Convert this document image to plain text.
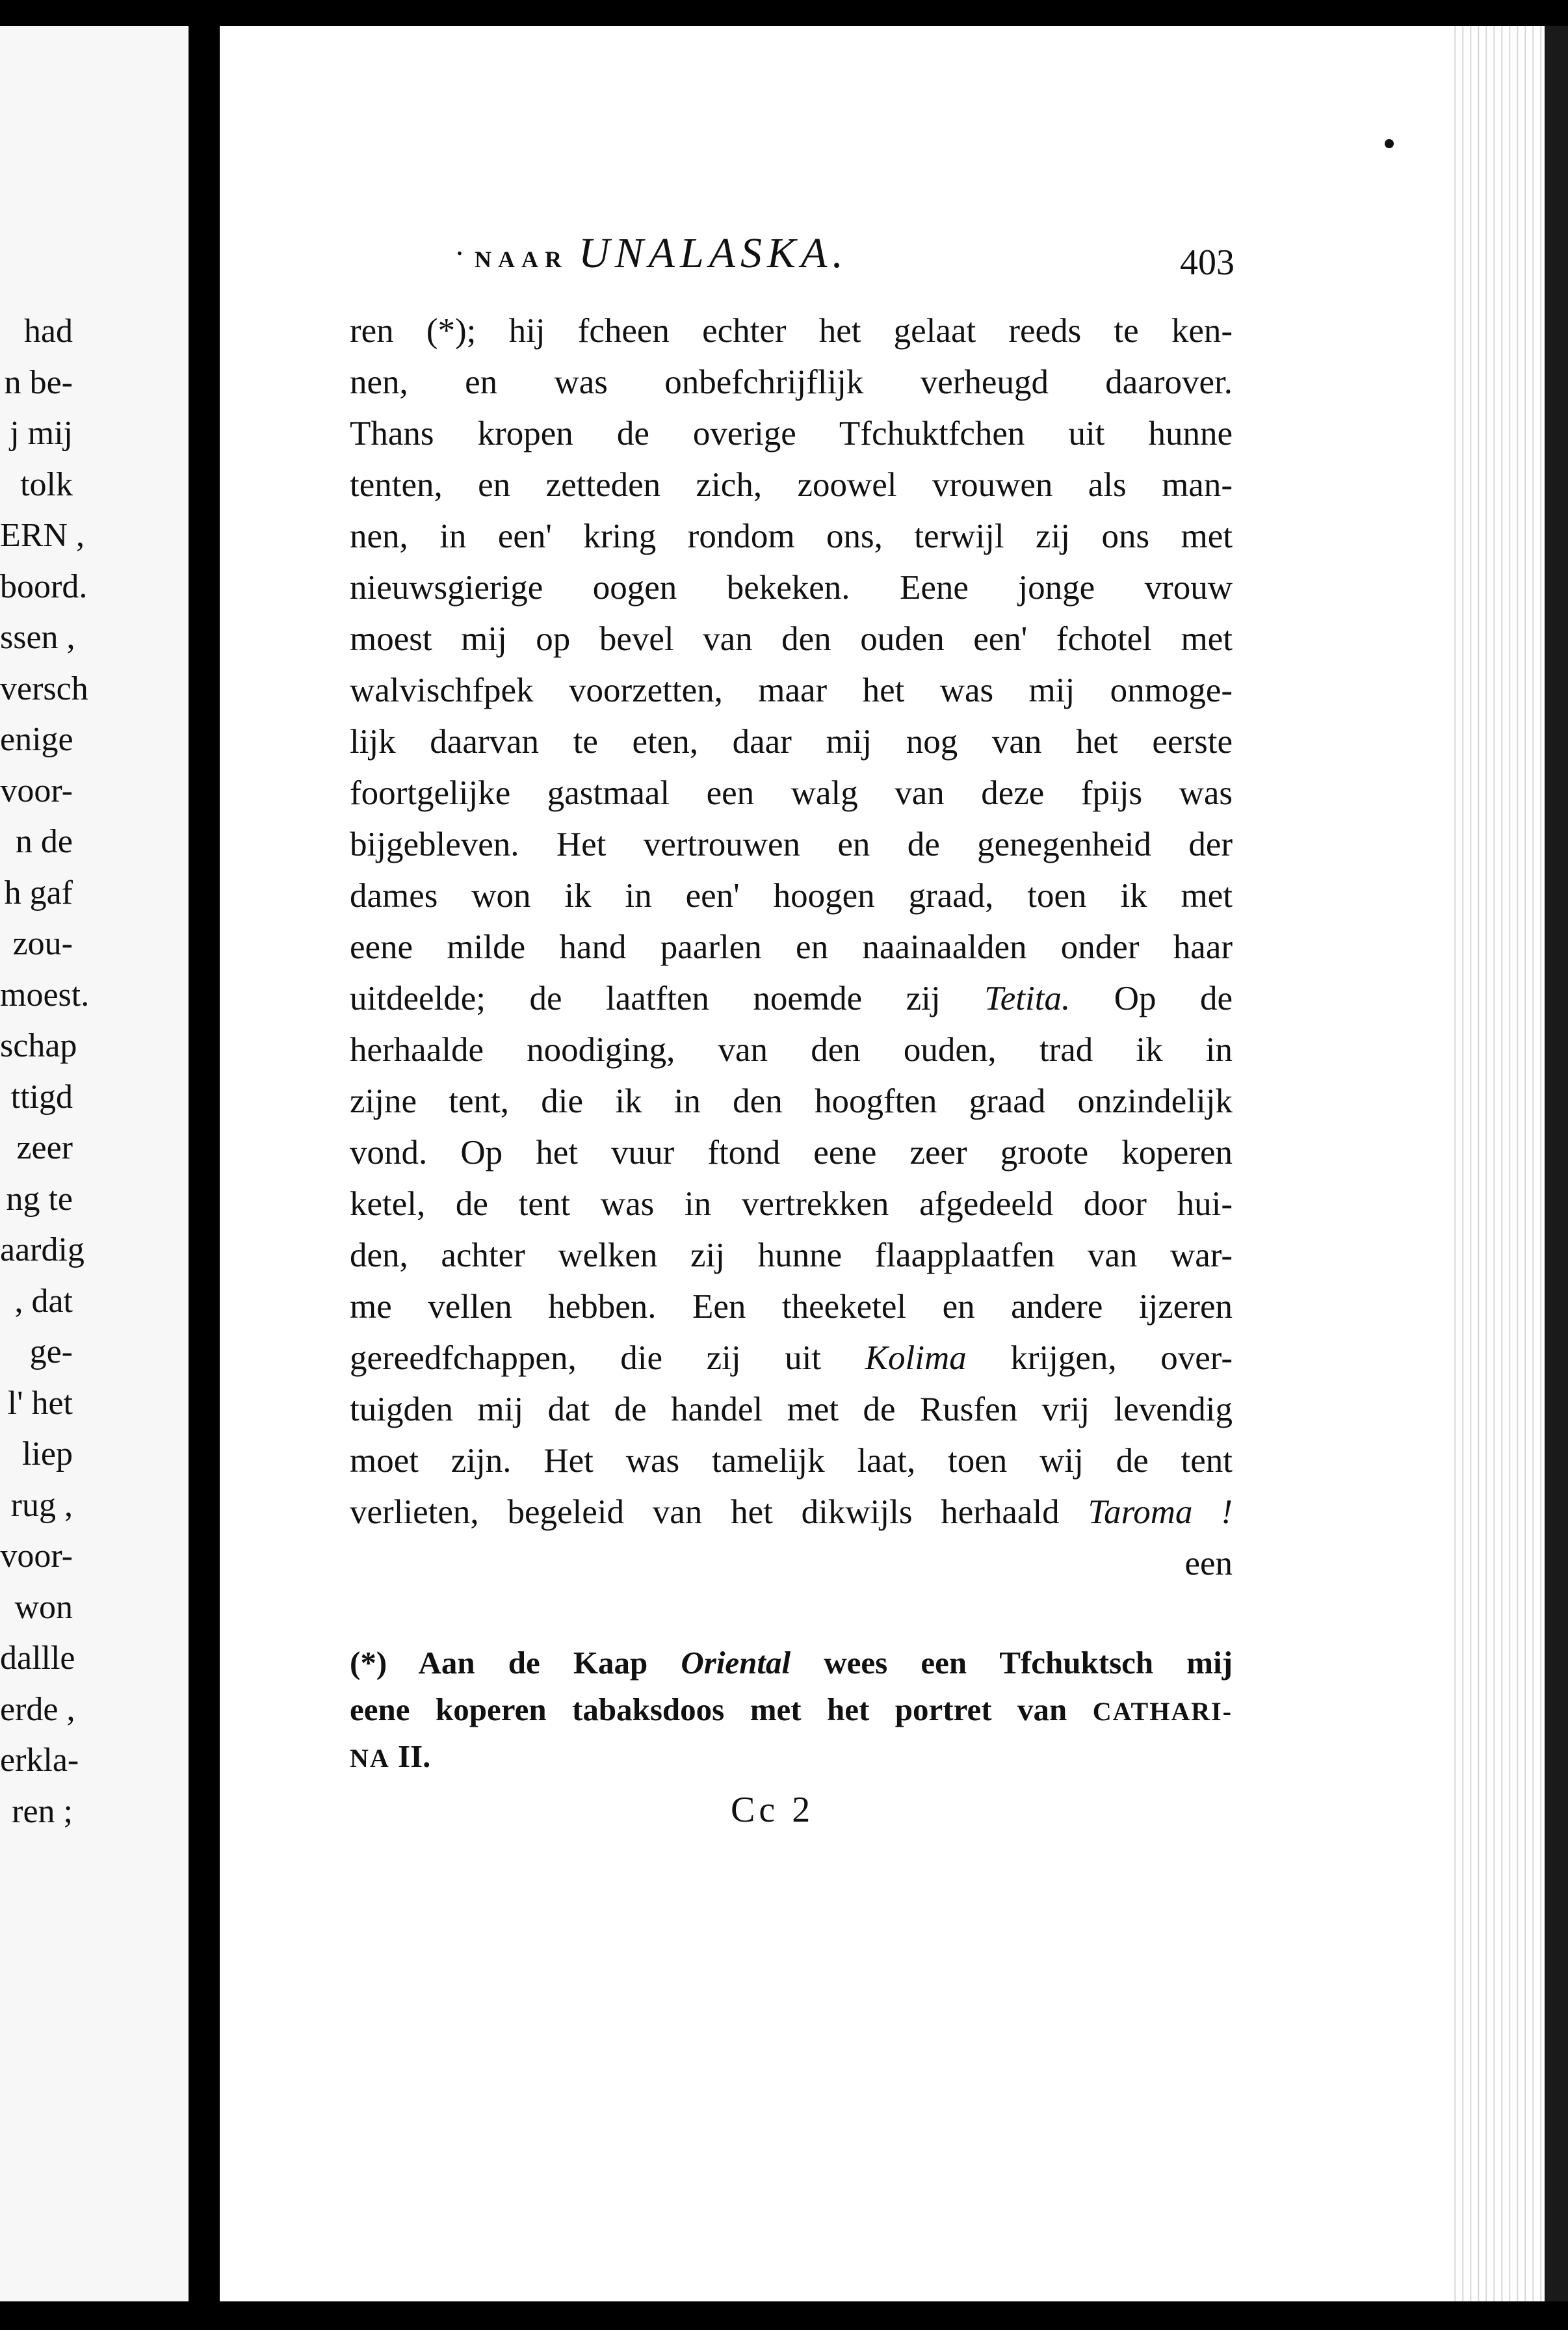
had
n be-
j mij
tolk
ERN ,
boord.
ssen ,
versch
enige
voor-
n de
h gaf
zou-
moest.
schap
ttigd
zeer
ng te
aardig
, dat
ge-
l' het
liep
rug ,
voor-
won
dallle
erde ,
erkla-
ren ;
. NAAR UNALASKA.	403
ren (*); hij fcheen echter het gelaat reeds te ken-
nen, en was onbefchrijflijk verheugd daarover.
Thans kropen de overige Tfchuktfchen uit hunne
tenten, en zetteden zich, zoowel vrouwen als man-
nen, in een' kring rondom ons, terwijl zij ons met
nieuwsgierige oogen bekeken. Eene jonge vrouw
moest mij op bevel van den ouden een' fchotel met
walvischfpek voorzetten, maar het was mij onmoge-
lijk daarvan te eten, daar mij nog van het eerste
foortgelijke gastmaal een walg van deze fpijs was
bijgebleven. Het vertrouwen en de genegenheid der
dames won ik in een' hoogen graad, toen ik met
eene milde hand paarlen en naainaalden onder haar
uitdeelde; de laatften noemde zij Tetita. Op de
herhaalde noodiging, van den ouden, trad ik in
zijne tent, die ik in den hoogften graad onzindelijk
vond. Op het vuur ftond eene zeer groote koperen
ketel, de tent was in vertrekken afgedeeld door hui-
den, achter welken zij hunne flaapplaatfen van war-
me vellen hebben. Een theeketel en andere ijzeren
gereedfchappen, die zij uit Kolima krijgen, over-
tuigden mij dat de handel met de Rusfen vrij levendig
moet zijn. Het was tamelijk laat, toen wij de tent
verlieten, begeleid van het dikwijls herhaald Taroma !
een
(*) Aan de Kaap Oriental wees een Tfchuktsch mij
eene koperen tabaksdoos met het portret van CATHARI-
NA II.
Cc 2
